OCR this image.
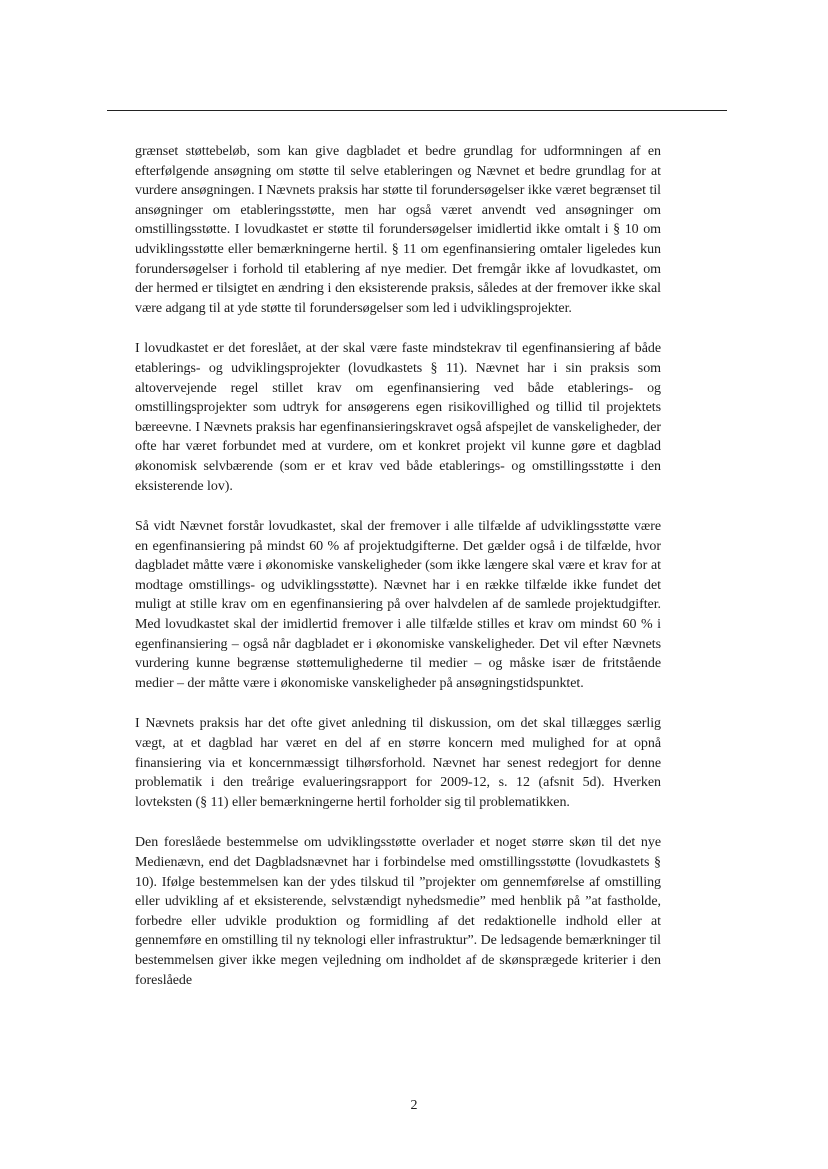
grænset støttebeløb, som kan give dagbladet et bedre grundlag for udformningen af en efterfølgende ansøgning om støtte til selve etableringen og Nævnet et bedre grundlag for at vurdere ansøgningen. I Nævnets praksis har støtte til forundersøgelser ikke været begrænset til ansøgninger om etableringsstøtte, men har også været anvendt ved ansøgninger om omstillingsstøtte. I lovudkastet er støtte til forundersøgelser imidlertid ikke omtalt i § 10 om udviklingsstøtte eller bemærkningerne hertil. § 11 om egenfinansiering omtaler ligeledes kun forundersøgelser i forhold til etablering af nye medier. Det fremgår ikke af lovudkastet, om der hermed er tilsigtet en ændring i den eksisterende praksis, således at der fremover ikke skal være adgang til at yde støtte til forundersøgelser som led i udviklingsprojekter.

I lovudkastet er det foreslået, at der skal være faste mindstekrav til egenfinansiering af både etablerings- og udviklingsprojekter (lovudkastets § 11). Nævnet har i sin praksis som altovervejende regel stillet krav om egenfinansiering ved både etablerings- og omstillingsprojekter som udtryk for ansøgerens egen risikovillighed og tillid til projektets bæreevne. I Nævnets praksis har egenfinansieringskravet også afspejlet de vanskeligheder, der ofte har været forbundet med at vurdere, om et konkret projekt vil kunne gøre et dagblad økonomisk selvbærende (som er et krav ved både etablerings- og omstillingsstøtte i den eksisterende lov).

Så vidt Nævnet forstår lovudkastet, skal der fremover i alle tilfælde af udviklingsstøtte være en egenfinansiering på mindst 60 % af projektudgifterne. Det gælder også i de tilfælde, hvor dagbladet måtte være i økonomiske vanskeligheder (som ikke længere skal være et krav for at modtage omstillings- og udviklingsstøtte). Nævnet har i en række tilfælde ikke fundet det muligt at stille krav om en egenfinansiering på over halvdelen af de samlede projektudgifter. Med lovudkastet skal der imidlertid fremover i alle tilfælde stilles et krav om mindst 60 % i egenfinansiering – også når dagbladet er i økonomiske vanskeligheder. Det vil efter Nævnets vurdering kunne begrænse støttemulighederne til medier – og måske især de fritstående medier – der måtte være i økonomiske vanskeligheder på ansøgningstidspunktet.

I Nævnets praksis har det ofte givet anledning til diskussion, om det skal tillægges særlig vægt, at et dagblad har været en del af en større koncern med mulighed for at opnå finansiering via et koncernmæssigt tilhørsforhold. Nævnet har senest redegjort for denne problematik i den treårige evalueringsrapport for 2009-12, s. 12 (afsnit 5d). Hverken lovteksten (§ 11) eller bemærkningerne hertil forholder sig til problematikken.

Den foreslåede bestemmelse om udviklingsstøtte overlader et noget større skøn til det nye Medienævn, end det Dagbladsnævnet har i forbindelse med omstillingsstøtte (lovudkastets § 10). Ifølge bestemmelsen kan der ydes tilskud til ”projekter om gennemførelse af omstilling eller udvikling af et eksisterende, selvstændigt nyhedsmedie” med henblik på ”at fastholde, forbedre eller udvikle produktion og formidling af det redaktionelle indhold eller at gennemføre en omstilling til ny teknologi eller infrastruktur”. De ledsagende bemærkninger til bestemmelsen giver ikke megen vejledning om indholdet af de skønsprægede kriterier i den foreslåede

2
